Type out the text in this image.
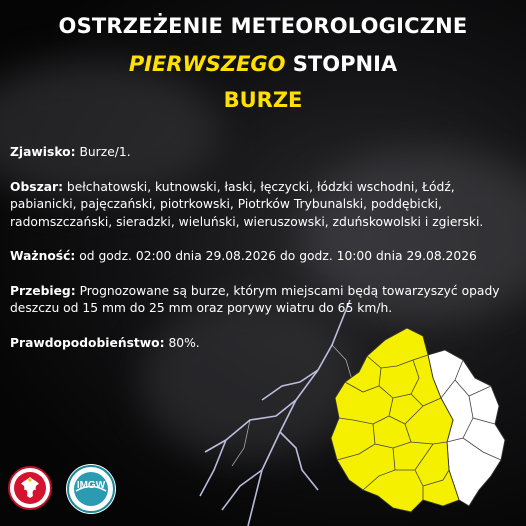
OSTRZEŻENIE METEOROLOGICZNE
PIERWSZEGO STOPNIA
BURZE

Zjawisko: Burze/1.

Obszar: bełchatowski, kutnowski, łaski, łęczycki, łódzki wschodni, Łódź, pabianicki, pajęczański, piotrkowski, Piotrków Trybunalski, poddębicki, radomszczański, sieradzki, wieluński, wieruszowski, zduńskowolski i zgierski.

Ważność: od godz. 02:00 dnia 29.08.2026 do godz. 10:00 dnia 29.08.2026

Przebieg: Prognozowane są burze, którym miejscami będą towarzyszyć opady deszczu od 15 mm do 25 mm oraz porywy wiatru do 65 km/h.

Prawdopodobieństwo: 80%.

IMGW
